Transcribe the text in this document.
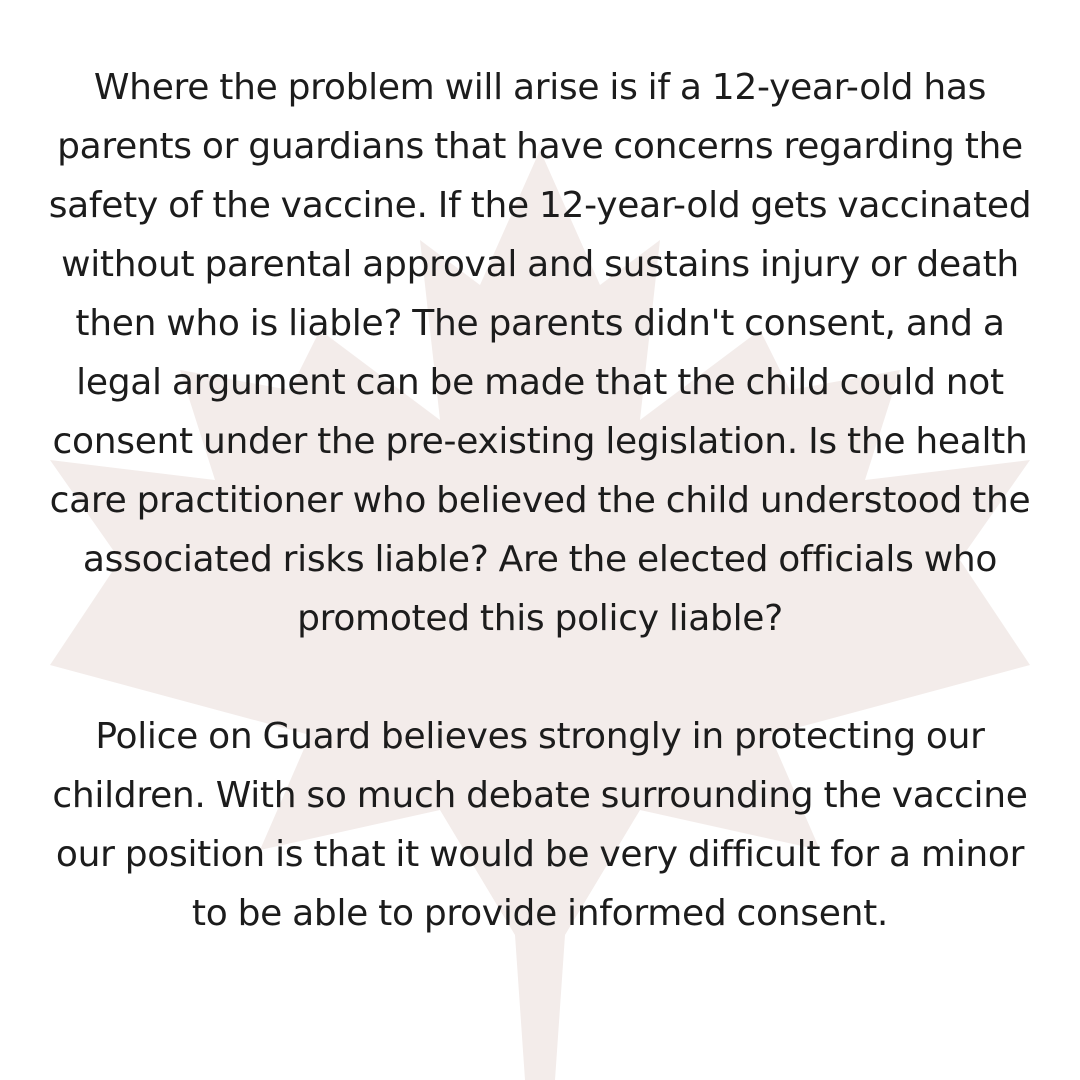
Where the problem will arise is if a 12-year-old has parents or guardians that have concerns regarding the safety of the vaccine. If the 12-year-old gets vaccinated without parental approval and sustains injury or death then who is liable? The parents didn't consent, and a legal argument can be made that the child could not consent under the pre-existing legislation. Is the health care practitioner who believed the child understood the associated risks liable? Are the elected officials who promoted this policy liable?

Police on Guard believes strongly in protecting our children. With so much debate surrounding the vaccine our position is that it would be very difficult for a minor to be able to provide informed consent.
